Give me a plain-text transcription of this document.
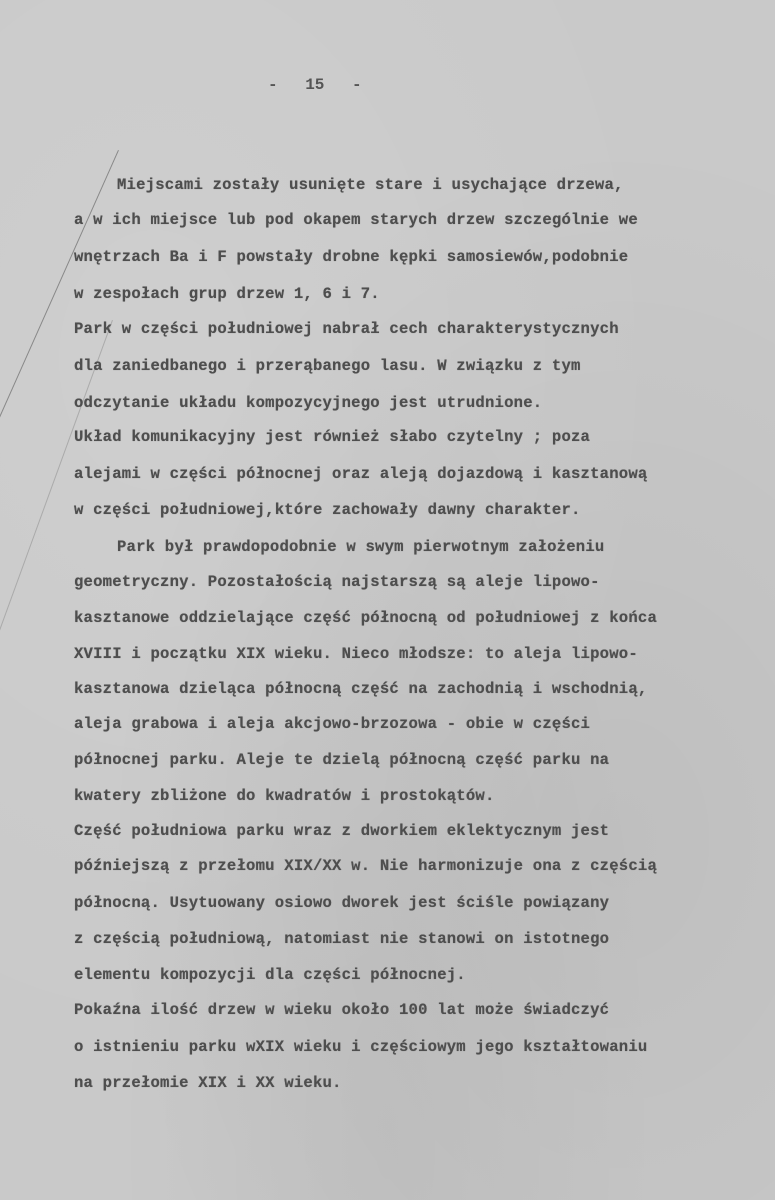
- 15 -
Miejscami zostały usunięte stare i usychające drzewa,
a w ich miejsce lub pod okapem starych drzew szczególnie we
wnętrzach Ba i F powstały drobne kępki samosiewów,podobnie
w zespołach grup drzew 1, 6 i 7.
Park w części południowej nabrał cech charakterystycznych
dla zaniedbanego i przerąbanego lasu. W związku z tym
odczytanie układu kompozycyjnego jest utrudnione.
Układ komunikacyjny jest również słabo czytelny ; poza
alejami w części północnej oraz aleją dojazdową i kasztanową
w części południowej,które zachowały dawny charakter.
Park był prawdopodobnie w swym pierwotnym założeniu
geometryczny. Pozostałością najstarszą są aleje lipowo-
kasztanowe oddzielające część północną od południowej z końca
XVIII i początku XIX wieku. Nieco młodsze: to aleja lipowo-
kasztanowa dzieląca północną część na zachodnią i wschodnią,
aleja grabowa i aleja akcjowo-brzozowa - obie w części
północnej parku. Aleje te dzielą północną część parku na
kwatery zbliżone do kwadratów i prostokątów.
Część południowa parku wraz z dworkiem eklektycznym jest
późniejszą z przełomu XIX/XX w. Nie harmonizuje ona z częścią
północną. Usytuowany osiowo dworek jest ściśle powiązany
z częścią południową, natomiast nie stanowi on istotnego
elementu kompozycji dla części północnej.
Pokaźna ilość drzew w wieku około 100 lat może świadczyć
o istnieniu parku wXIX wieku i częściowym jego kształtowaniu
na przełomie XIX i XX wieku.
